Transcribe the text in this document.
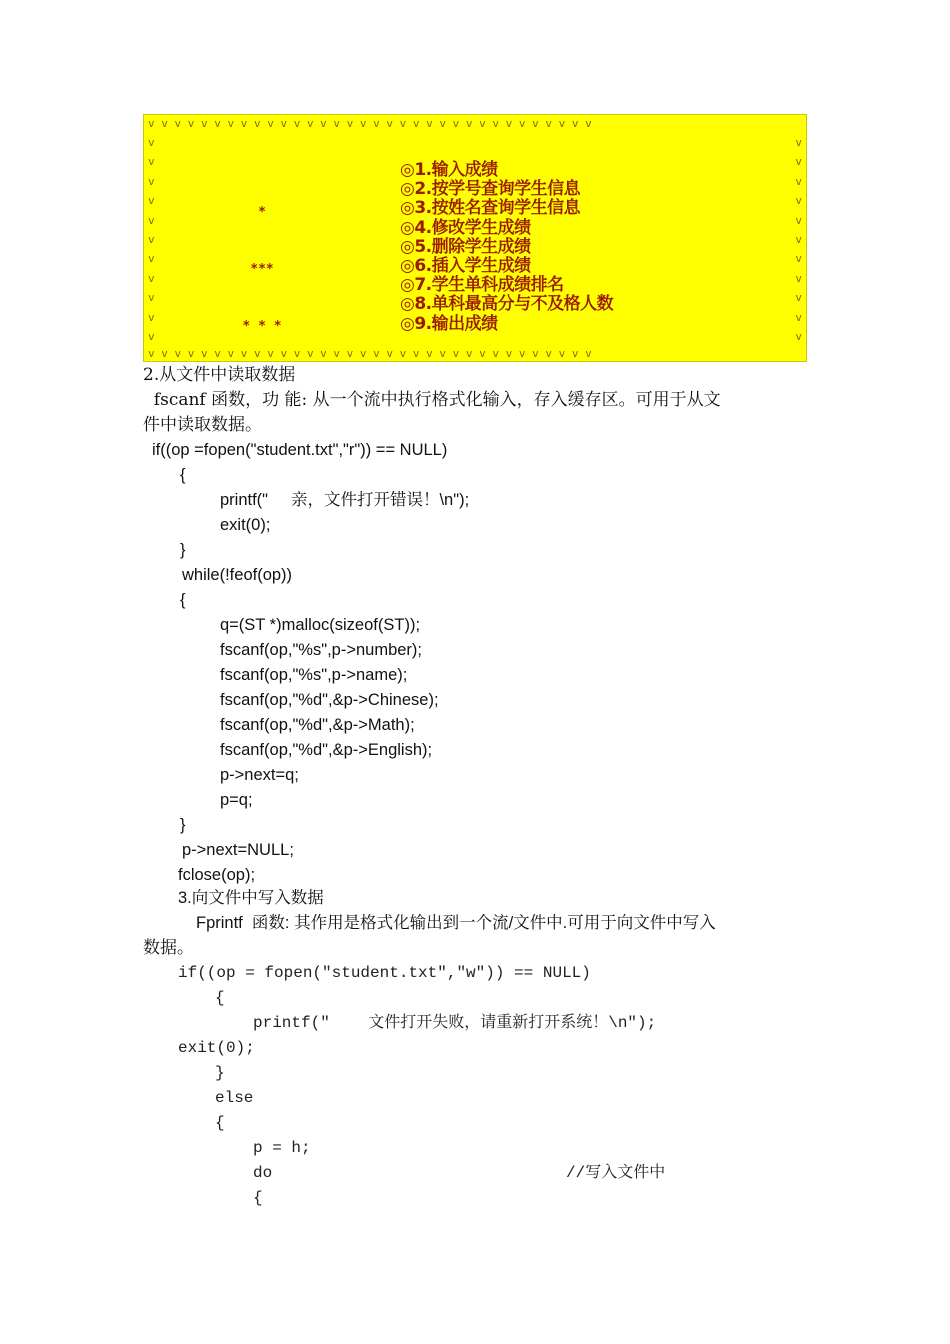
v v v v v v v v v v v v v v v v v v v v v v v v v v v v v v v v v v
v v v v v v v v v v v v v v v v v v v v v v v v v v v v v v v v v v
v
v
v
v
v
v
v
v
v
v
v
v
v
v
v
v
v
v
v
v
v
v

*

***

* * *

◎1.输入成绩
◎2.按学号查询学生信息
◎3.按姓名查询学生信息
◎4.修改学生成绩
◎5.删除学生成绩
◎6.插入学生成绩
◎7.学生单科成绩排名
◎8.单科最高分与不及格人数
◎9.输出成绩
2.从文件中读取数据
fscanf 函数，功 能: 从一个流中执行格式化输入，存入缓存区。可用于从文
件中读取数据。
if((op =fopen("student.txt","r")) == NULL)
{
printf("     亲，文件打开错误！\n");
exit(0);
}
while(!feof(op))
{
q=(ST *)malloc(sizeof(ST));
fscanf(op,"%s",p->number);
fscanf(op,"%s",p->name);
fscanf(op,"%d",&p->Chinese);
fscanf(op,"%d",&p->Math);
fscanf(op,"%d",&p->English);
p->next=q;
p=q;
}
p->next=NULL;
fclose(op);
3.向文件中写入数据
Fprintf  函数: 其作用是格式化输出到一个流/文件中.可用于向文件中写入
数据。
if((op = fopen(″student.txt″,″w″)) == NULL)
{
printf(″    文件打开失败，请重新打开系统！\n″);
exit(0);
}
else
{
p = h;
do	//写入文件中
{
